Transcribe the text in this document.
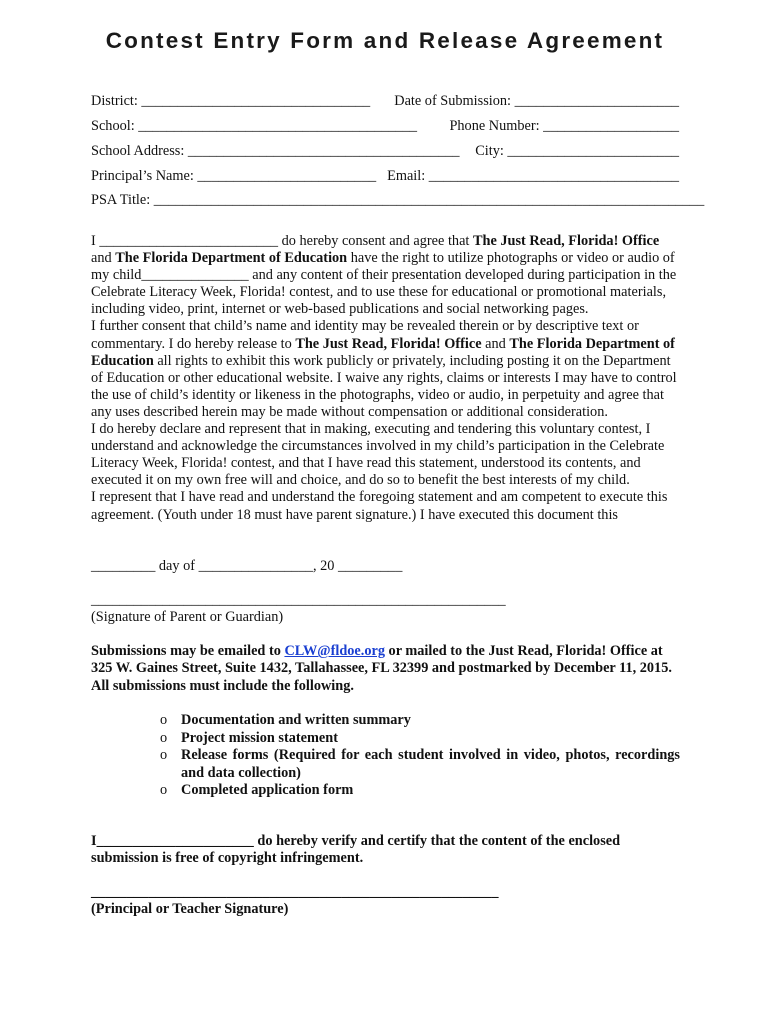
Contest Entry Form and Release Agreement
District: ________________________________ Date of Submission: _______________________
School: _______________________________________ Phone Number: ___________________
School Address: ______________________________________ City: ________________________
Principal’s Name: _________________________ Email: ___________________________________
PSA Title: _____________________________________________________________________________

I _________________________ do hereby consent and agree that The Just Read, Florida! Office and The Florida Department of Education have the right to utilize photographs or video or audio of my child_______________ and any content of their presentation developed during participation in the Celebrate Literacy Week, Florida! contest, and to use these for educational or promotional materials, including video, print, internet or web-based publications and social networking pages.

I further consent that child’s name and identity may be revealed therein or by descriptive text or

commentary. I do hereby release to The Just Read, Florida! Office and The Florida Department of Education all rights to exhibit this work publicly or privately, including posting it on the Department of Education or other educational website. I waive any rights, claims or interests I may have to control the use of child’s identity or likeness in the photographs, video or audio, in perpetuity and agree that any uses described herein may be made without compensation or additional consideration.

I do hereby declare and represent that in making, executing and tendering this voluntary contest, I understand and acknowledge the circumstances involved in my child’s participation in the Celebrate Literacy Week, Florida! contest, and that I have read this statement, understood its contents, and executed it on my own free will and choice, and do so to benefit the best interests of my child.

I represent that I have read and understand the foregoing statement and am competent to execute this agreement. (Youth under 18 must have parent signature.) I have executed this document this

_________ day of ________________, 20 _________
__________________________________________________________
(Signature of Parent or Guardian)

Submissions may be emailed to CLW@fldoe.org or mailed to the Just Read, Florida! Office at 325 W. Gaines Street, Suite 1432, Tallahassee, FL 32399 and postmarked by December 11, 2015.

All submissions must include the following.

o Documentation and written summary
o Project mission statement
o Release forms (Required for each student involved in video, photos, recordings and data collection)
o Completed application form

I______________________ do hereby verify and certify that the content of the enclosed submission is free of copyright infringement.

_________________________________________________________
(Principal or Teacher Signature)
